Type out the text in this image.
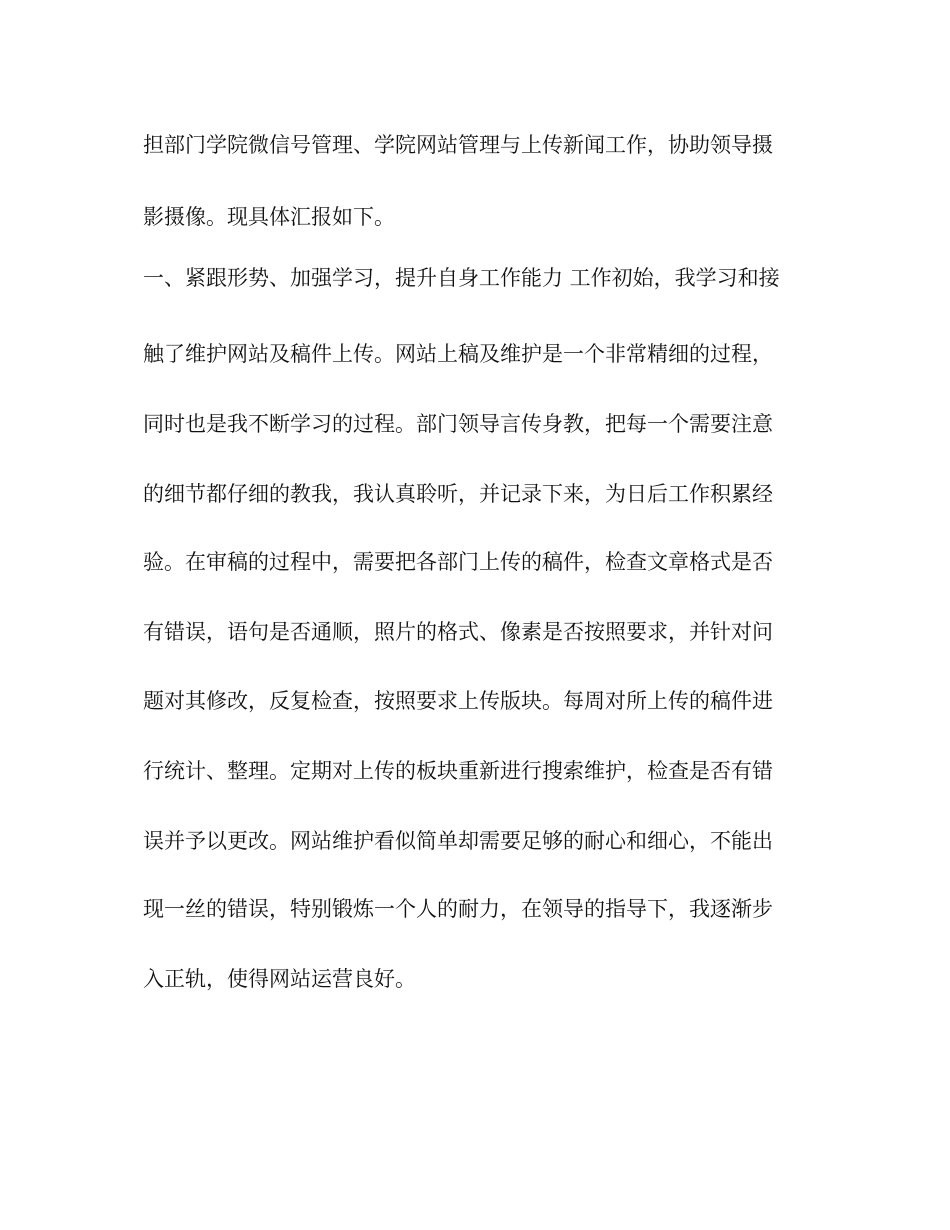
担部门学院微信号管理、学院网站管理与上传新闻工作，协助领导摄
影摄像。现具体汇报如下。
一、紧跟形势、加强学习，提升自身工作能力 工作初始，我学习和接
触了维护网站及稿件上传。网站上稿及维护是一个非常精细的过程，
同时也是我不断学习的过程。部门领导言传身教，把每一个需要注意
的细节都仔细的教我，我认真聆听，并记录下来，为日后工作积累经
验。在审稿的过程中，需要把各部门上传的稿件，检查文章格式是否
有错误，语句是否通顺，照片的格式、像素是否按照要求，并针对问
题对其修改，反复检查，按照要求上传版块。每周对所上传的稿件进
行统计、整理。定期对上传的板块重新进行搜索维护，检查是否有错
误并予以更改。网站维护看似简单却需要足够的耐心和细心，不能出
现一丝的错误，特别锻炼一个人的耐力，在领导的指导下，我逐渐步
入正轨，使得网站运营良好。
